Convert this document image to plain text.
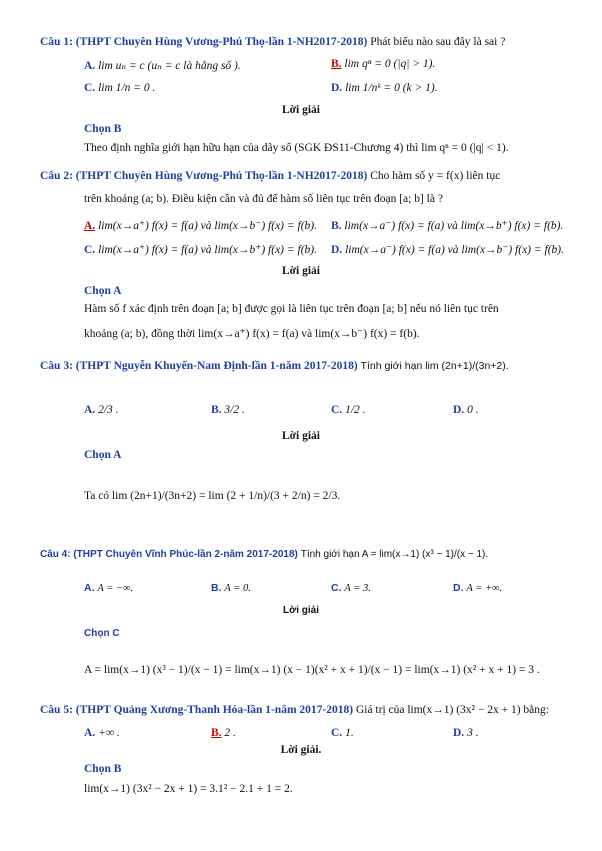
Câu 1: (THPT Chuyên Hùng Vương-Phú Thọ-lần 1-NH2017-2018) Phát biểu nào sau đây là sai ?
A. lim uₙ = c (uₙ = c là hằng số ).	B. lim qⁿ = 0 (|q| > 1).
C. lim 1/n = 0 .	D. lim 1/nᵏ = 0 (k > 1).
Lời giải
Chọn B
Theo định nghĩa giới hạn hữu hạn của dãy số (SGK ĐS11-Chương 4) thì lim qⁿ = 0 (|q| < 1).
Câu 2: (THPT Chuyên Hùng Vương-Phú Thọ-lần 1-NH2017-2018) Cho hàm số y = f(x) liên tục
trên khoảng (a; b). Điều kiện cần và đủ để hàm số liên tục trên đoạn [a; b] là ?
A. lim(x→a⁺) f(x) = f(a) và lim(x→b⁻) f(x) = f(b). B. lim(x→a⁻) f(x) = f(a) và lim(x→b⁺) f(x) = f(b).
C. lim(x→a⁺) f(x) = f(a) và lim(x→b⁺) f(x) = f(b). D. lim(x→a⁻) f(x) = f(a) và lim(x→b⁻) f(x) = f(b).
Lời giải
Chọn A
Hàm số f xác định trên đoạn [a; b] được gọi là liên tục trên đoạn [a; b] nếu nó liên tục trên
khoảng (a; b), đồng thời lim(x→a⁺) f(x) = f(a) và lim(x→b⁻) f(x) = f(b).
Câu 3: (THPT Nguyễn Khuyến-Nam Định-lần 1-năm 2017-2018) Tính giới hạn lim (2n+1)/(3n+2).
A. 2/3 .	B. 3/2 .	C. 1/2 .	D. 0 .
Lời giải
Chọn A
Ta có lim (2n+1)/(3n+2) = lim (2 + 1/n)/(3 + 2/n) = 2/3.
Câu 4: (THPT Chuyên Vĩnh Phúc-lần 2-năm 2017-2018) Tính giới hạn A = lim(x→1) (x³ − 1)/(x − 1).
A. A = −∞.	B. A = 0.	C. A = 3.	D. A = +∞.
Lời giải
Chọn C
A = lim(x→1) (x³ − 1)/(x − 1) = lim(x→1) (x − 1)(x² + x + 1)/(x − 1) = lim(x→1) (x² + x + 1) = 3 .
Câu 5: (THPT Quảng Xương-Thanh Hóa-lần 1-năm 2017-2018) Giá trị của lim(x→1) (3x² − 2x + 1) bằng:
A. +∞ .	B. 2 .	C. 1.	D. 3 .
Lời giải.
Chọn B
lim(x→1) (3x² − 2x + 1) = 3.1² − 2.1 + 1 = 2.
